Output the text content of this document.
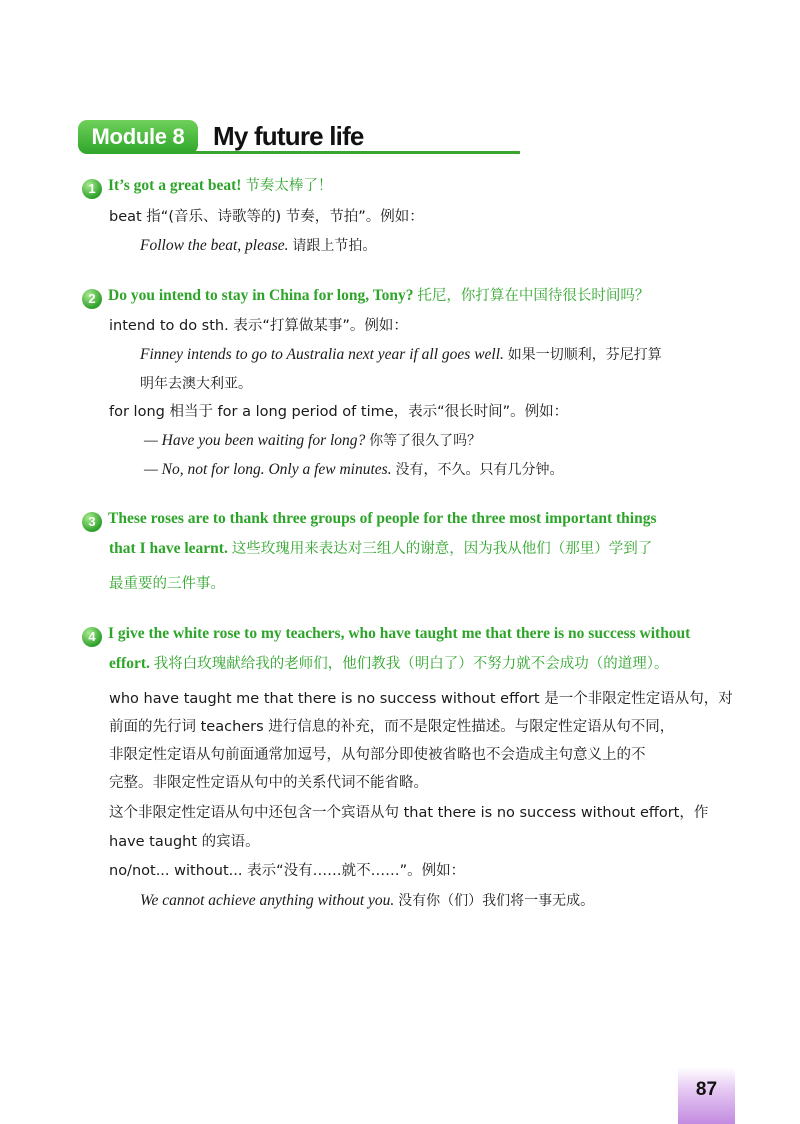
Module 8	My future life
1 It’s got a great beat! 节奏太棒了！
beat 指“(音乐、诗歌等的) 节奏，节拍”。例如：
Follow the beat, please. 请跟上节拍。
2 Do you intend to stay in China for long, Tony? 托尼，你打算在中国待很长时间吗？
intend to do sth. 表示“打算做某事”。例如：
Finney intends to go to Australia next year if all goes well. 如果一切顺利，芬尼打算
明年去澳大利亚。
for long 相当于 for a long period of time，表示“很长时间”。例如：
— Have you been waiting for long? 你等了很久了吗？
— No, not for long. Only a few minutes. 没有，不久。只有几分钟。
3 These roses are to thank three groups of people for the three most important things
that I have learnt. 这些玫瑰用来表达对三组人的谢意，因为我从他们（那里）学到了
最重要的三件事。
4 I give the white rose to my teachers, who have taught me that there is no success without
effort. 我将白玫瑰献给我的老师们，他们教我（明白了）不努力就不会成功（的道理）。
who have taught me that there is no success without effort 是一个非限定性定语从句，对
前面的先行词 teachers 进行信息的补充，而不是限定性描述。与限定性定语从句不同，
非限定性定语从句前面通常加逗号，从句部分即使被省略也不会造成主句意义上的不
完整。非限定性定语从句中的关系代词不能省略。
这个非限定性定语从句中还包含一个宾语从句 that there is no success without effort，作
have taught 的宾语。
no/not... without... 表示“没有……就不……”。例如：
We cannot achieve anything without you. 没有你（们）我们将一事无成。
87
